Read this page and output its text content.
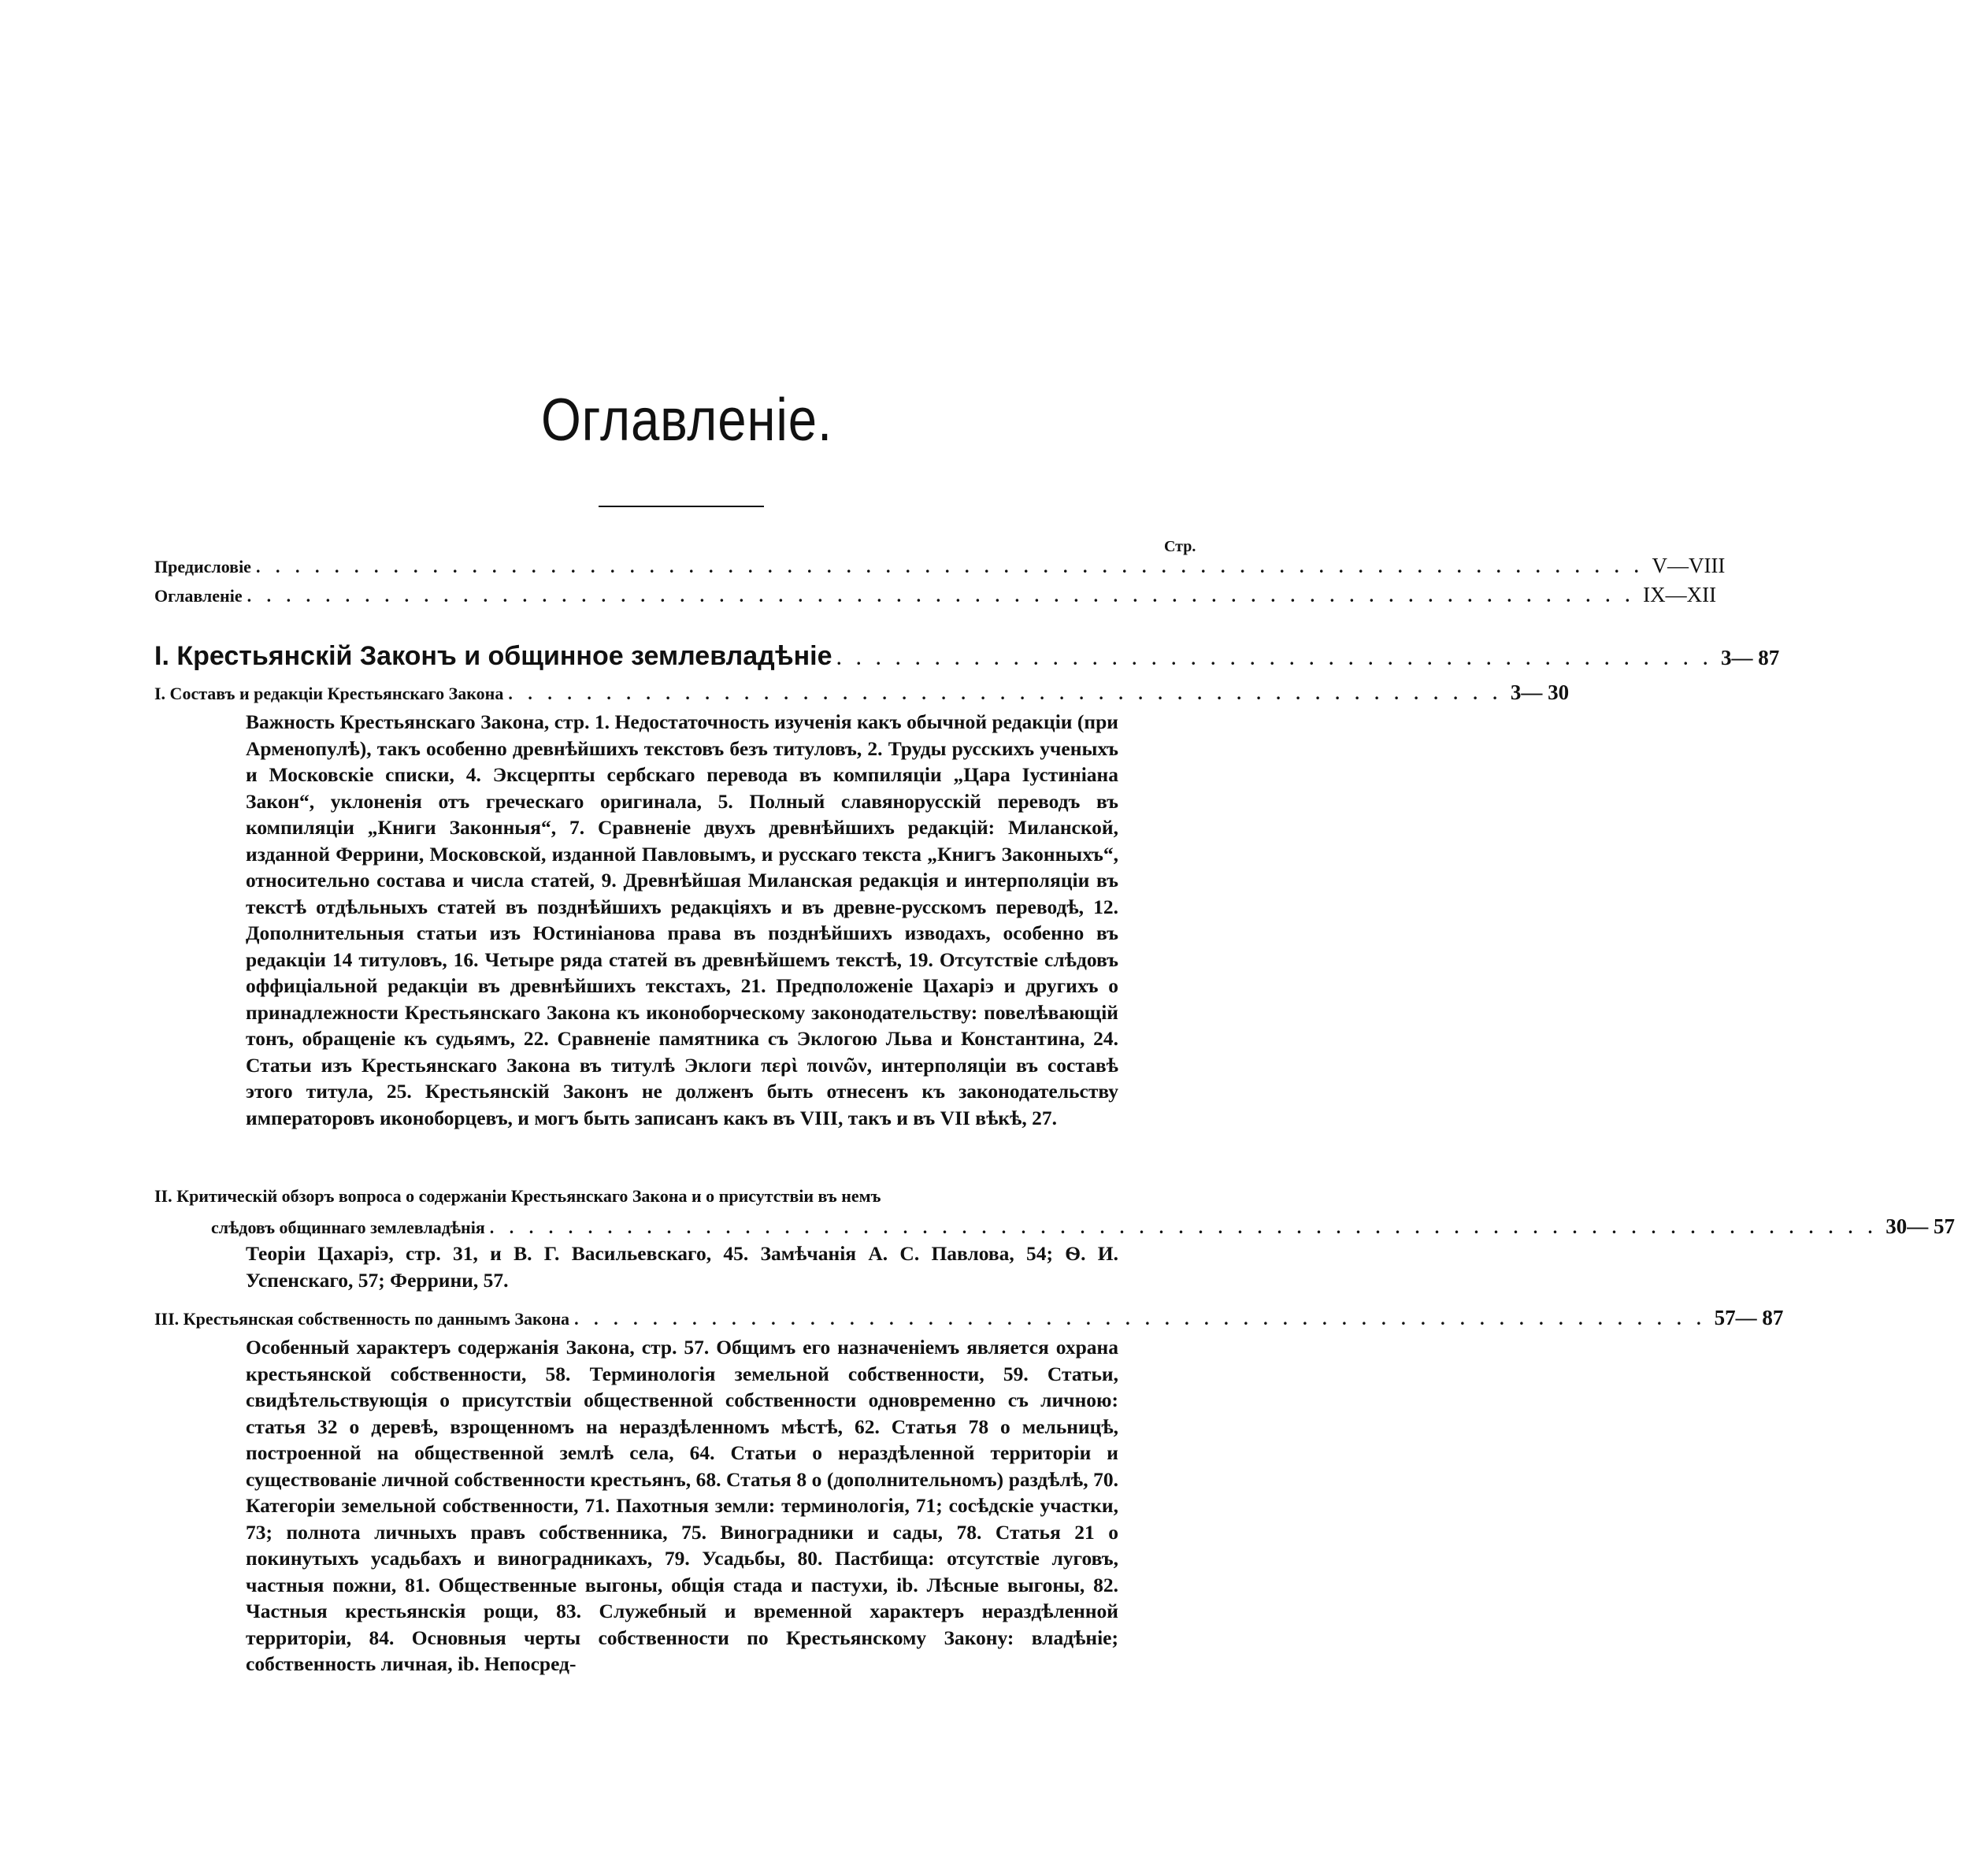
Оглавленіе.
Стр.
Предисловіе . . . . . . . . . . . . . . . . . . . . . . . . . . . . . . . . . . . . . . . . . . . . . . . . . . . . . . . . . . . . . . . . . . . . . . . V—VIII
Оглавленіе . . . . . . . . . . . . . . . . . . . . . . . . . . . . . . . . . . . . . . . . . . . . . . . . . . . . . . . . . . . . . . . . . . . . . . . IX—XII
I. Крестьянскій Законъ и общинное землевладѣніе . . . . . . . . . . . . . . . . . . . . . . . . . . . . . . . . . . . . . . . . . . . . . 3— 87
I. Составъ и редакціи Крестьянскаго Закона . . . . . . . . . . . . . . . . . . . . . . . . . . . . . . . . . . . . . . . . . . . . . . . . . . . 3— 30
Важность Крестьянскаго Закона, стр. 1. Недостаточность изученія какъ обычной редакціи (при Арменопулѣ), такъ особенно древнѣйшихъ текстовъ безъ титуловъ, 2. Труды русскихъ ученыхъ и Московскіе списки, 4. Эксцерпты сербскаго перевода въ компиляціи „Цара Іустиніана Закон“, уклоненія отъ греческаго оригинала, 5. Полный славянорусскій переводъ въ компиляціи „Книги Законныя“, 7. Сравненіе двухъ древнѣйшихъ редакцій: Миланской, изданной Феррини, Московской, изданной Павловымъ, и русскаго текста „Книгъ Законныхъ“, относительно состава и числа статей, 9. Древнѣйшая Миланская редакція и интерполяціи въ текстѣ отдѣльныхъ статей въ позднѣйшихъ редакціяхъ и въ древне-русскомъ переводѣ, 12. Дополнительныя статьи изъ Юстиніанова права въ позднѣйшихъ изводахъ, особенно въ редакціи 14 титуловъ, 16. Четыре ряда статей въ древнѣйшемъ текстѣ, 19. Отсутствіе слѣдовъ оффиціальной редакціи въ древнѣйшихъ текстахъ, 21. Предположеніе Цахаріэ и другихъ о принадлежности Крестьянскаго Закона къ иконоборческому законодательству: повелѣвающій тонъ, обращеніе къ судьямъ, 22. Сравненіе памятника съ Эклогою Льва и Константина, 24. Статьи изъ Крестьянскаго Закона въ титулѣ Эклоги περὶ ποινῶν, интерполяціи въ составѣ этого титула, 25. Крестьянскій Законъ не долженъ быть отнесенъ къ законодательству императоровъ иконоборцевъ, и могъ быть записанъ какъ въ VIII, такъ и въ VII вѣкѣ, 27.
II. Критическій обзоръ вопроса о содержаніи Крестьянскаго Закона и о присутствіи въ немъ
слѣдовъ общиннаго землевладѣнія . . . . . . . . . . . . . . . . . . . . . . . . . . . . . . . . . . . . . . . . . . . . . . . . . . . . . . . . . . . . . . . . . . . . . . . 30— 57
Теоріи Цахаріэ, стр. 31, и В. Г. Васильевскаго, 45. Замѣчанія А. С. Павлова, 54; Ѳ. И. Успенскаго, 57; Феррини, 57.
III. Крестьянская собственность по даннымъ Закона . . . . . . . . . . . . . . . . . . . . . . . . . . . . . . . . . . . . . . . . . . . . . . . . . . . . . . . . . . 57— 87
Особенный характеръ содержанія Закона, стр. 57. Общимъ его назначеніемъ является охрана крестьянской собственности, 58. Терминологія земельной собственности, 59. Статьи, свидѣтельствующія о присутствіи общественной собственности одновременно съ личною: статья 32 о деревѣ, взрощенномъ на нераздѣленномъ мѣстѣ, 62. Статья 78 о мельницѣ, построенной на общественной землѣ села, 64. Статьи о нераздѣленной территоріи и существованіе личной собственности крестьянъ, 68. Статья 8 о (дополнительномъ) раздѣлѣ, 70. Категоріи земельной собственности, 71. Пахотныя земли: терминологія, 71; сосѣдскіе участки, 73; полнота личныхъ правъ собственника, 75. Виноградники и сады, 78. Статья 21 о покинутыхъ усадьбахъ и виноградникахъ, 79. Усадьбы, 80. Пастбища: отсутствіе луговъ, частныя пожни, 81. Общественные выгоны, общія стада и пастухи, ib. Лѣсные выгоны, 82. Частныя крестьянскія рощи, 83. Служебный и временной характеръ нераздѣленной территоріи, 84. Основныя черты собственности по Крестьянскому Закону: владѣніе; собственность личная, ib. Непосред-
